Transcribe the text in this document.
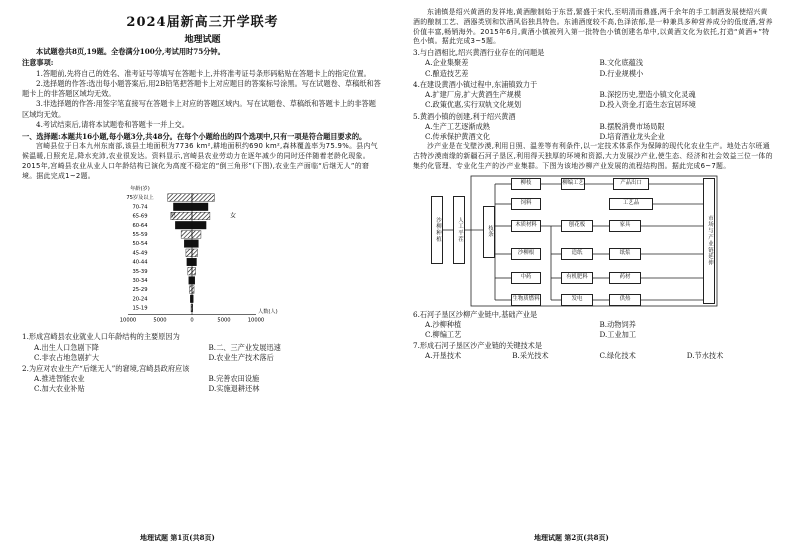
2024届新高三开学联考
地理试题

本试题卷共8页,19题。全卷满分100分,考试用时75分钟。

注意事项:

1.答题前,先将自己的姓名、准考证号等填写在答题卡上,并将准考证号条形码粘贴在答题卡上的指定位置。

2.选择题的作答:选出每小题答案后,用2B铅笔把答题卡上对应题目的答案标号涂黑。写在试题卷、草稿纸和答题卡上的非答题区域均无效。

3.非选择题的作答:用签字笔直接写在答题卡上对应的答题区域内。写在试题卷、草稿纸和答题卡上的非答题区域均无效。

4.考试结束后,请将本试题卷和答题卡一并上交。

一、选择题:本题共16小题,每小题3分,共48分。在每个小题给出的四个选项中,只有一项是符合题目要求的。

宫崎县位于日本九州东南部,该县土地面积为7736 km²,耕地面积约690 km²,森林覆盖率为75.9%。县内气候温暖,日照充足,降水充沛,农业很发达。资料显示,宫崎县农业劳动力在逐年减少的同时还伴随着老龄化现象。2015年,宫崎县农业从业人口年龄结构已演化为高度不稳定的“倒三角形”(下图),农业生产面临“后继无人”的窘境。据此完成1~2题。

年龄(岁)
75岁及以上
70-74
65-69
60-64
55-59
50-54
45-49
40-44
35-39
30-34
25-29
20-24
15-19
10000	5000	0	5000	10000
人数(人)
男	女

1.形成宫崎县农业就业人口年龄结构的主要原因为

A.出生人口急剧下降	B.二、三产业发展迅速
C.非农占地急剧扩大	D.农业生产技术落后

2.为应对农业生产“后继无人”的窘境,宫崎县政府应该

A.推进智能农业	B.完善农田设施
C.加大农业补贴	D.实施退耕还林
地理试题 第1页(共8页)

东浦镇是绍兴黄酒的发祥地,黄酒酿制始于东晋,繁盛于宋代,至明清而鼎盛,两千余年的手工制酒发展使绍兴黄酒的酿制工艺、酒器类别和饮酒风俗独具特色。东浦酒度较不高,色泽浓郁,是一种兼具多种营养成分的低度酒,营养价值丰富,畅销海外。2015年6月,黄酒小镇被列入第一批特色小镇创建名单中,以黄酒文化为依托,打造“黄酒+”特色小镇。据此完成3~5题。

3.与白酒相比,绍兴黄酒行业存在的问题是

A.企业集聚差	B.文化底蕴浅
C.酿造技艺差	D.行业规模小

4.在建设黄酒小镇过程中,东浦镇致力于

A.扩建厂房,扩大黄酒生产规模	B.深挖历史,塑造小镇文化灵魂
C.政策优惠,实行双轨文化规划	D.投入资金,打造生态宜居环境

5.黄酒小镇的创建,利于绍兴黄酒

A.生产工艺逐渐成熟	B.摆脱消费市场局限
C.传承保护黄酒文化	D.培育酒业龙头企业

沙产业是在戈壁沙漠,利用日照、温差等有利条件,以一定技术体系作为保障的现代化农业生产。地处古尔班通古特沙漠南缘的新疆石河子垦区,利用得天独厚的环境和资源,大力发展沙产业,使生态、经济和社会效益三位一体的集约化管理、专业化生产的沙产业集群。下图为该地沙柳产业发展的流程结构图。据此完成6~7题。

沙柳种植	人工平茬	枝条
柳枝	柳编工艺	产品出口
饲料	工艺品
木质材料	刨花板	家具
沙柳根	造纸	纸浆
中药	有机肥料	药材
生物质燃料	发电	供热
市场与产业链延伸

6.石河子垦区沙柳产业链中,基础产业是

A.沙柳种植	B.动物饲养
C.柳编工艺	D.工业加工

7.形成石河子垦区沙产业链的关键技术是

A.开垦技术	B.采光技术	C.绿化技术	D.节水技术
地理试题 第2页(共8页)
